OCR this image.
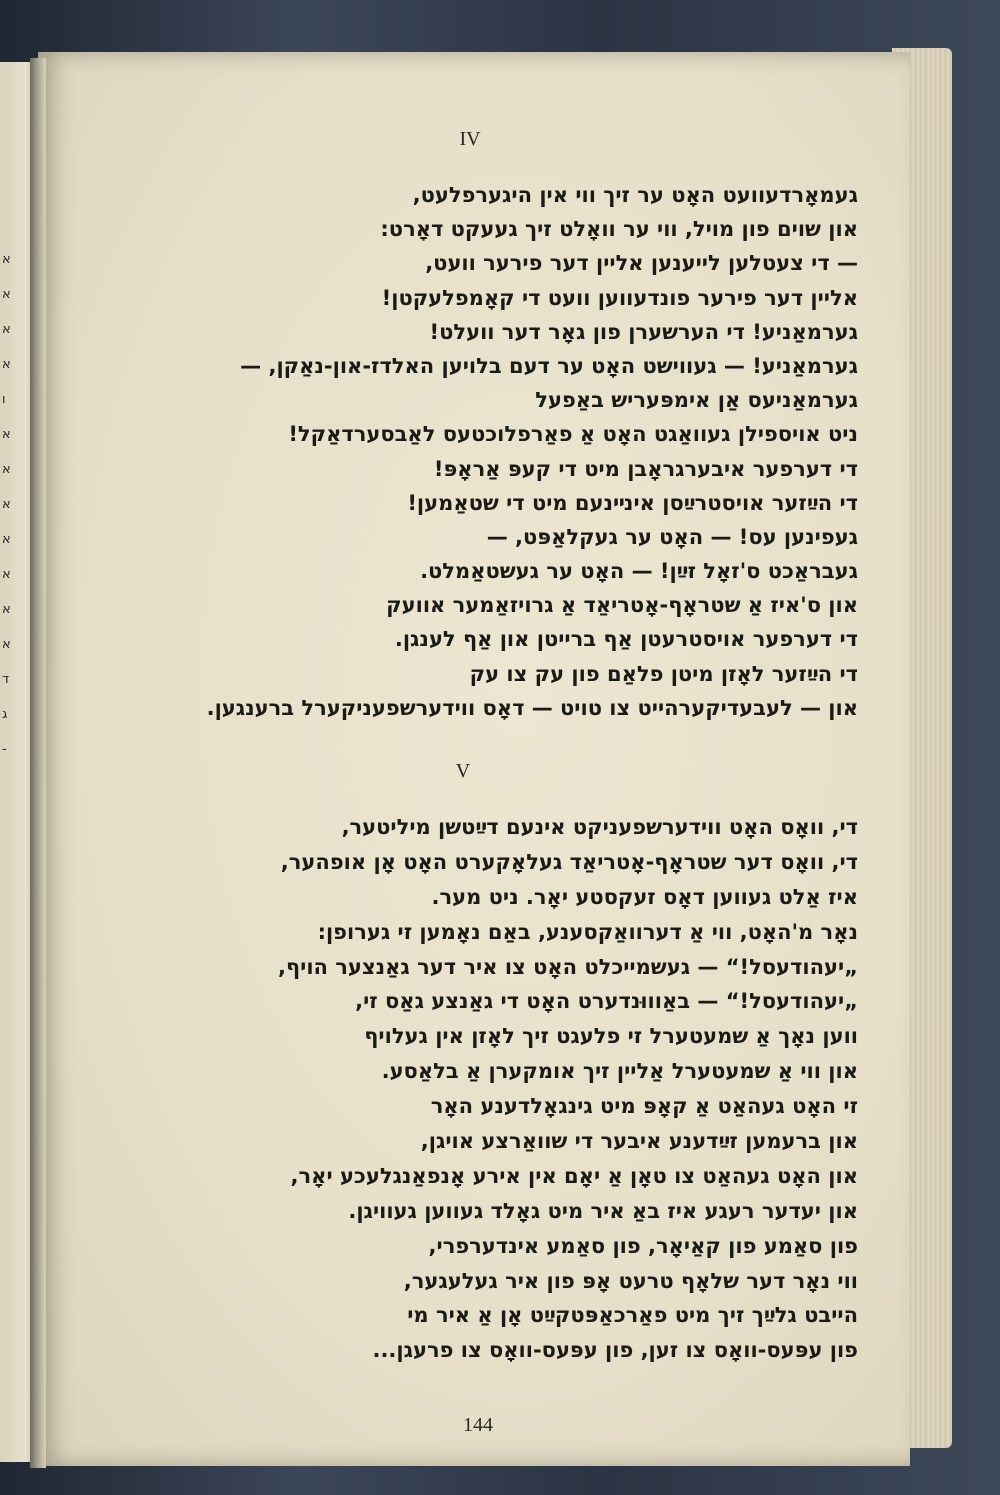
א
א
א
א
ו
א
א
א
א
א
א
א
ד
ג
-
IV
געמאָרדעוועט האָט ער זיך ווי אין היגערפלעט,
און שוים פון מויל, ווי ער וואָלט זיך געעקט דאָרט:
— די צעטלען לייענען אליין דער פירער וועט,
אליין דער פירער פונדעווען וועט די קאָמפלעקטן!
גערמאַניע! די הערשערן פון גאָר דער וועלט!
גערמאַניע! — געווישט האָט ער דעם בלויען האלדז-און-נאַקן, —
גערמאַניעס אַן אימפּעריש באַפעל
ניט אויספילן געוואַגט האָט אַ פאַרפלוכטעס לאַבסערדאַקל!
די דערפער איבערגראָבן מיט די קעפּ אַראָפּ!
די הײַזער אויסטרײַסן אינײנעם מיט די שטאַמען!
געפינען עס! — האָט ער געקלאַפּט, —
געבראַכט ס'זאָל זײַן! — האָט ער געשטאַמלט.
און ס'איז אַ שטראָף-אָטריאַד אַ גרויזאַמער אוועק
די דערפער אויסטרעטן אַף ברייטן און אַף לענגן.
די הײַזער לאָזן מיטן פלאַם פון עק צו עק
און — לעבעדיקערהייט צו טויט — דאָס ווידערשפעניקערל ברענגען.
V
די, וואָס האָט ווידערשפעניקט אינעם דײַטשן מיליטער,
די, וואָס דער שטראָף-אָטריאַד געלאָקערט האָט אָן אופהער,
איז אַלט געווען דאָס זעקסטע יאָר. ניט מער.
נאָר מ'האָט, ווי אַ דערוואַקסענע, באַם נאָמען זי גערופן:
„יעהודעסל!“ — געשמייכלט האָט צו איר דער גאַנצער הויף,
„יעהודעסל!“ — באַוווּנדערט האָט די גאַנצע גאַס זי,
ווען נאָך אַ שמעטערל זי פלעגט זיך לאָזן אין געלויף
און ווי אַ שמעטערל אַליין זיך אומקערן אַ בלאַסע.
זי האָט געהאַט אַ קאָפּ מיט גינגאָלדענע האָר
און ברעמען זײַדענע איבער די שוואַרצע אויגן,
און האָט געהאַט צו טאָן אַ יאָם אין אירע אָנפאַנגלעכע יאָר,
און יעדער רעגע איז באַ איר מיט גאָלד געווען געוויגן.
פון סאַמע פון קאַיאָר, פון סאַמע אינדערפרי,
ווי נאָר דער שלאָף טרעט אָפּ פון איר געלעגער,
הייבט גלײַך זיך מיט פאַרכאַפּטקײַט אָן אַ איר מי
פון עפּעס-וואָס צו זען, פון עפּעס-וואָס צו פרעגן...
144
